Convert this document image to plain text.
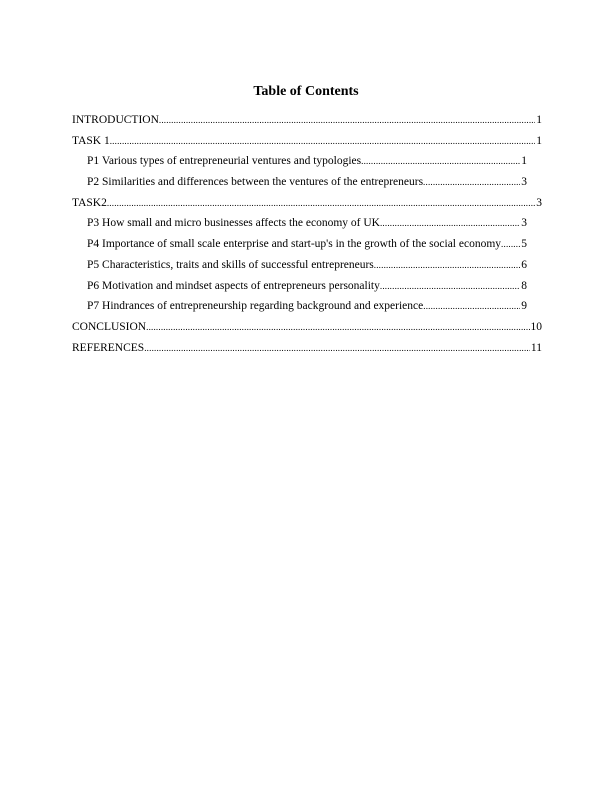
Table of Contents
INTRODUCTION .....	1
TASK 1 .....	1
P1 Various types of entrepreneurial ventures and typologies .....	1
P2 Similarities and differences between the ventures of the entrepreneurs .....	3
TASK2 .....	3
P3 How small and micro businesses affects the economy of UK .....	3
P4 Importance of small scale enterprise and start-up's in the growth of the social economy ..... 5
P5 Characteristics, traits and skills of successful entrepreneurs .....	6
P6 Motivation and mindset aspects of entrepreneurs personality .....	8
P7 Hindrances of entrepreneurship regarding background and experience .....	9
CONCLUSION .....	10
REFERENCES .....	11
